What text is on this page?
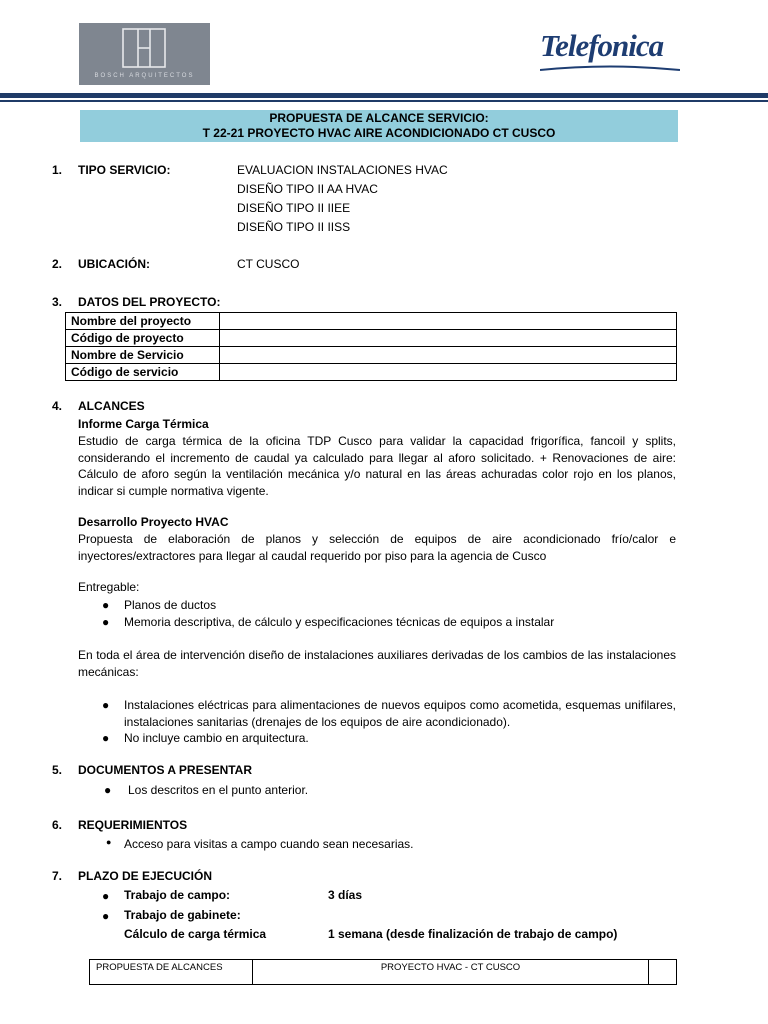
BOSCH ARQUITECTOS
Telefonica
PROPUESTA DE ALCANCE SERVICIO:
T 22-21 PROYECTO HVAC AIRE ACONDICIONADO CT CUSCO
1. TIPO SERVICIO:	EVALUACION INSTALACIONES HVAC
DISEÑO TIPO II AA HVAC
DISEÑO TIPO II IIEE
DISEÑO TIPO II IISS
2. UBICACIÓN:	CT CUSCO
3. DATOS DEL PROYECTO:
Nombre del proyecto	
Código de proyecto	
Nombre de Servicio	
Código de servicio	
4. ALCANCES
Informe Carga Térmica
Estudio de carga térmica de la oficina TDP Cusco para validar la capacidad frigorífica, fancoil y splits, considerando el incremento de caudal ya calculado para llegar al aforo solicitado. + Renovaciones de aire: Cálculo de aforo según la ventilación mecánica y/o natural en las áreas achuradas color rojo en los planos, indicar si cumple normativa vigente.
Desarrollo Proyecto HVAC
Propuesta de elaboración de planos y selección de equipos de aire acondicionado frío/calor e inyectores/extractores para llegar al caudal requerido por piso para la agencia de Cusco
Entregable:
● Planos de ductos
● Memoria descriptiva, de cálculo y especificaciones técnicas de equipos a instalar
En toda el área de intervención diseño de instalaciones auxiliares derivadas de los cambios de las instalaciones mecánicas:
● Instalaciones eléctricas para alimentaciones de nuevos equipos como acometida, esquemas unifilares, instalaciones sanitarias (drenajes de los equipos de aire acondicionado).
● No incluye cambio en arquitectura.
5. DOCUMENTOS A PRESENTAR
● Los descritos en el punto anterior.
6. REQUERIMIENTOS
● Acceso para visitas a campo cuando sean necesarias.
7. PLAZO DE EJECUCIÓN
● Trabajo de campo:	3 días
● Trabajo de gabinete:
Cálculo de carga térmica	1 semana (desde finalización de trabajo de campo)
PROPUESTA DE ALCANCES	PROYECTO HVAC - CT CUSCO	
